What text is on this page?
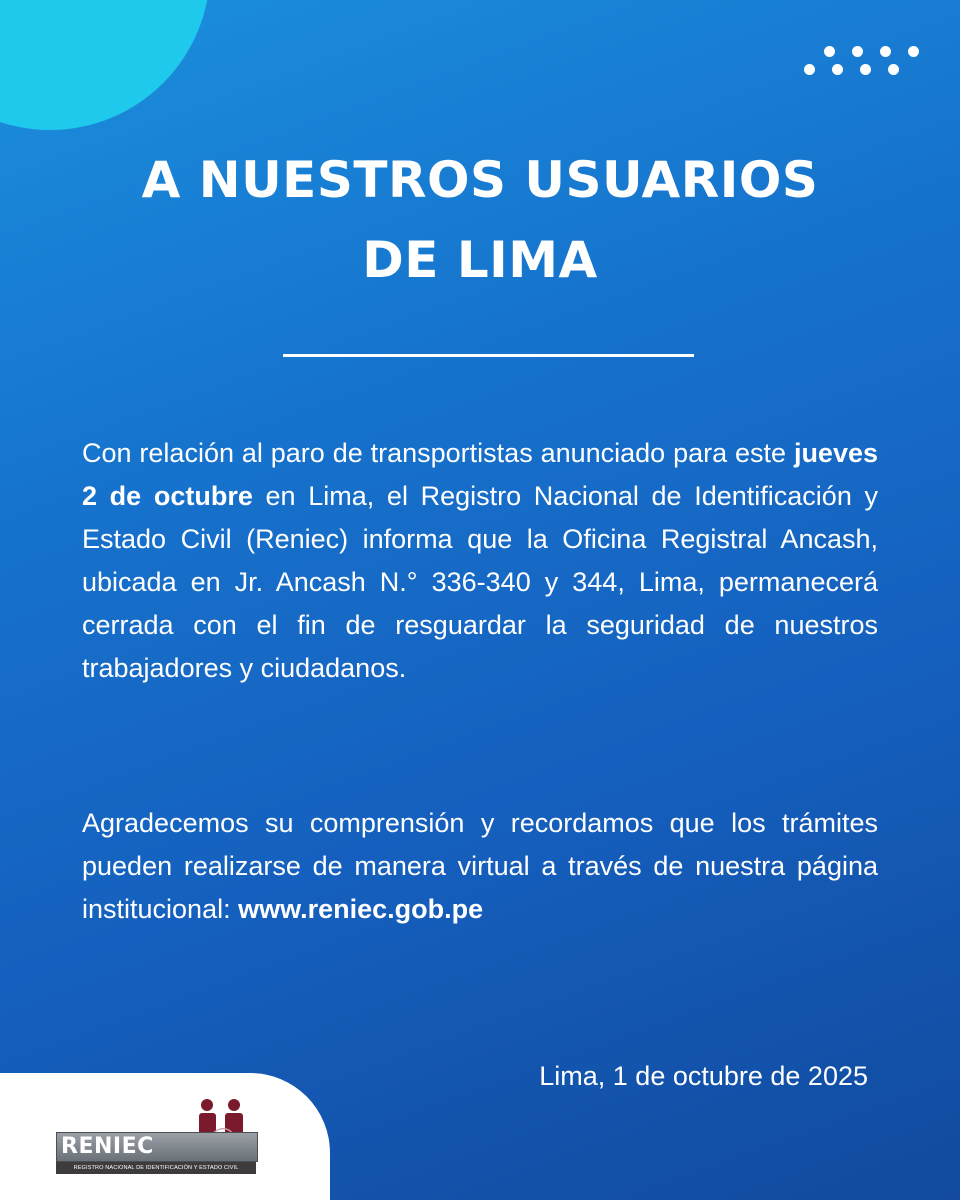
A NUESTROS USUARIOS
DE LIMA

Con relación al paro de transportistas anunciado para este jueves 2 de octubre en Lima, el Registro Nacional de Identificación y Estado Civil (Reniec) informa que la Oficina Registral Ancash, ubicada en Jr. Ancash N.° 336-340 y 344, Lima, permanecerá cerrada con el fin de resguardar la seguridad de nuestros trabajadores y ciudadanos.

Agradecemos su comprensión y recordamos que los trámites pueden realizarse de manera virtual a través de nuestra página institucional: www.reniec.gob.pe

Lima, 1 de octubre de 2025

RENIEC
REGISTRO NACIONAL DE IDENTIFICACIÓN Y ESTADO CIVIL
